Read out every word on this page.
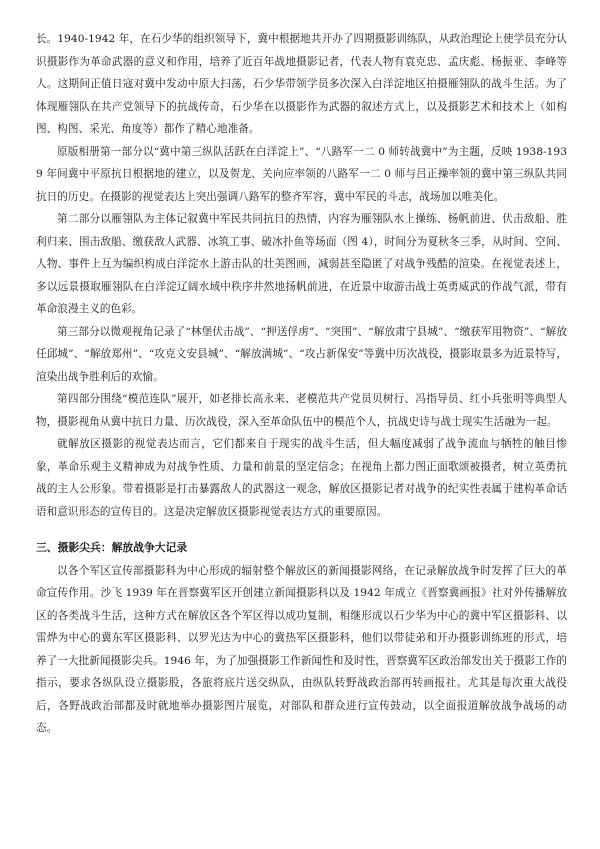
长。1940-1942 年，在石少华的组织领导下，冀中根据地共开办了四期摄影训练队，从政治理论上使学员充分认识摄影作为革命武器的意义和作用，培养了近百年战地摄影记者，代表人物有袁克忠、孟庆彪、杨振亚、李峰等人。这期间正值日寇对冀中发动中原大扫荡，石少华带领学员多次深入白洋淀地区拍摄雁翎队的战斗生活。为了体现雁翎队在共产党领导下的抗战传奇，石少华在以摄影作为武器的叙述方式上，以及摄影艺术和技术上（如构图、构图、采光、角度等）都作了精心地准备。

原版相册第一部分以“冀中第三纵队活跃在白洋淀上”、“八路军一二 0 师转战冀中”为主题，反映 1938-1939 年间冀中平原抗日根据地的建立，以及贺龙、关向应率领的八路军一二 0 师与吕正操率领的冀中第三纵队共同抗日的历史。在摄影的视觉表达上突出强调八路军的整齐军容，冀中军民的斗志，战场加以唯美化。

第二部分以雁翎队为主体记叙冀中军民共同抗日的热情，内容为雁翎队水上操练、杨帆前进、伏击敌船、胜利归来、围击敌船、缴获敌人武器、冰筑工事、破冰扑鱼等场面（图 4），时间分为夏秋冬三季，从时间、空间、人物、事件上互为编织构成白洋淀水上游击队的壮美图画，减弱甚至隐匿了对战争残酷的渲染。在视觉表述上，多以远景摄取雁翎队在白洋淀辽阔水域中秩序井然地扬帆前进，在近景中取游击战士英勇威武的作战气派，带有革命浪漫主义的色彩。

第三部分以微观视角记录了“林堡伏击战”、“押送俘虏”、“突围”、“解放肃宁县城”、“缴获军用物资”、“解放任邱城”、“解放郑州”、“攻克文安县城”、“解放满城”、“攻占新保安”等冀中历次战役，摄影取景多为近景特写，渲染出战争胜利后的欢愉。

第四部分围绕“模范连队”展开，如老排长高永来、老模范共产党员贝树行、冯指导员、红小兵张明等典型人物，摄影视角从冀中抗日力量、历次战役，深入至革命队伍中的模范个人，抗战史诗与战士现实生活融为一起。

就解放区摄影的视觉表达而言，它们都来自于现实的战斗生活，但大幅度减弱了战争流血与牺牲的触目惨象，革命乐观主义精神成为对战争性质、力量和前景的坚定信念；在视角上都力图正面歌颂被摄者，树立英勇抗战的主人公形象。带着摄影是打击暴露敌人的武器这一观念，解放区摄影记者对战争的纪实性表属于建构革命话语和意识形态的宣传目的。这是决定解放区摄影视觉表达方式的重要原因。

三、摄影尖兵：解放战争大记录

以各个军区宣传部摄影科为中心形成的辐射整个解放区的新闻摄影网络，在记录解放战争时发挥了巨大的革命宣传作用。沙飞 1939 年在晋察冀军区开创建立新闻摄影科以及 1942 年成立《晋察冀画报》社对外传播解放区的各类战斗生活，这种方式在解放区各个军区得以成功复制，相继形成以石少华为中心的冀中军区摄影科、以雷烨为中心的冀东军区摄影科、以罗光达为中心的冀热军区摄影科，他们以带徒弟和开办摄影训练班的形式，培养了一大批新闻摄影尖兵。1946 年，为了加强摄影工作新闻性和及时性，晋察冀军区政治部发出关于摄影工作的指示，要求各纵队设立摄影股，各旅将底片送交纵队，由纵队转野战政治部再转画报社。尤其是每次重大战役后，各野战政治部都及时就地举办摄影图片展览，对部队和群众进行宣传鼓动，以全面报道解放战争战场的动态。
